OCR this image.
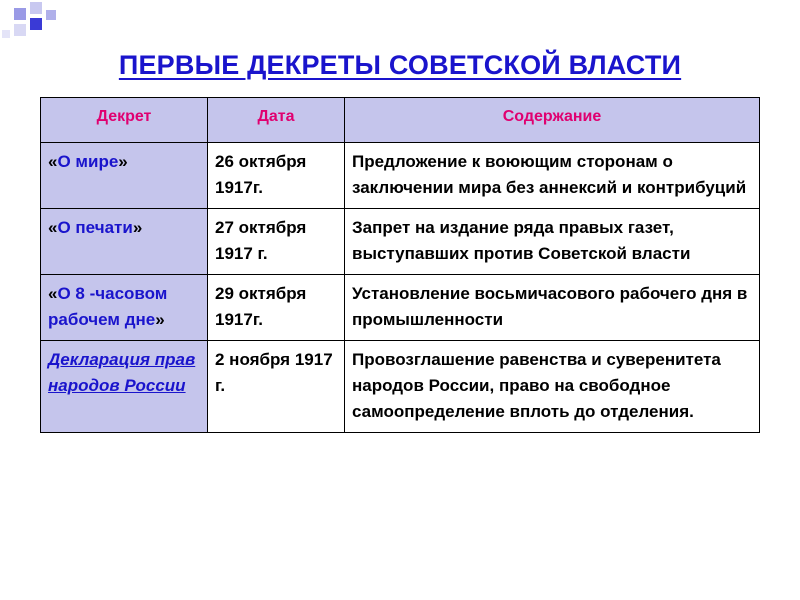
ПЕРВЫЕ ДЕКРЕТЫ СОВЕТСКОЙ ВЛАСТИ
Декрет	Дата	Содержание
«О мире»	26 октября 1917г.	Предложение к воюющим сторонам о заключении мира без аннексий и контрибуций
«О печати»	27 октября 1917 г.	Запрет на издание ряда правых газет, выступавших против Советской власти
«О 8 -часовом рабочем дне»	29 октября 1917г.	Установление восьмичасового рабочего дня в промышленности
Декларация прав народов России	2 ноября 1917 г.	Провозглашение равенства и суверенитета народов России, право на свободное самоопределение вплоть до отделения.
